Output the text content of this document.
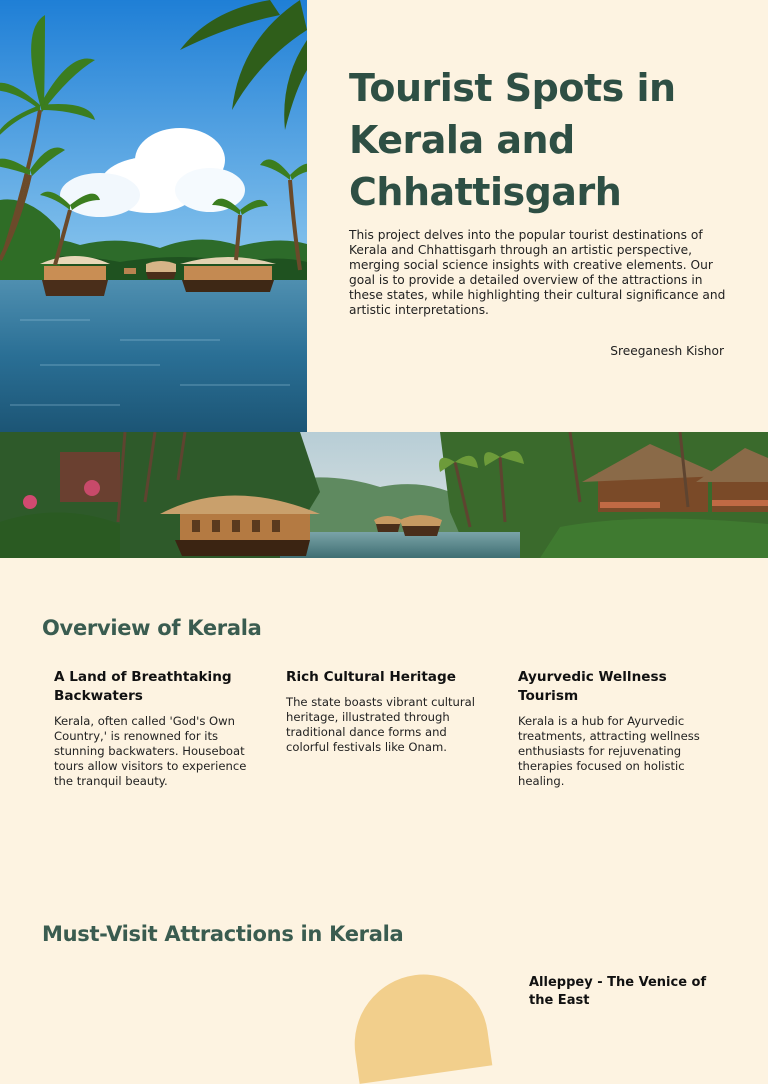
Tourist Spots in Kerala and Chhattisgarh

This project delves into the popular tourist destinations of Kerala and Chhattisgarh through an artistic perspective, merging social science insights with creative elements. Our goal is to provide a detailed overview of the attractions in these states, while highlighting their cultural significance and artistic interpretations.

Sreeganesh Kishor
Overview of Kerala
A Land of Breathtaking Backwaters

Kerala, often called 'God's Own Country,' is renowned for its stunning backwaters. Houseboat tours allow visitors to experience the tranquil beauty.

Rich Cultural Heritage

The state boasts vibrant cultural heritage, illustrated through traditional dance forms and colorful festivals like Onam.

Ayurvedic Wellness Tourism

Kerala is a hub for Ayurvedic treatments, attracting wellness enthusiasts for rejuvenating therapies focused on holistic healing.

Must-Visit Attractions in Kerala
Alleppey - The Venice of the East
